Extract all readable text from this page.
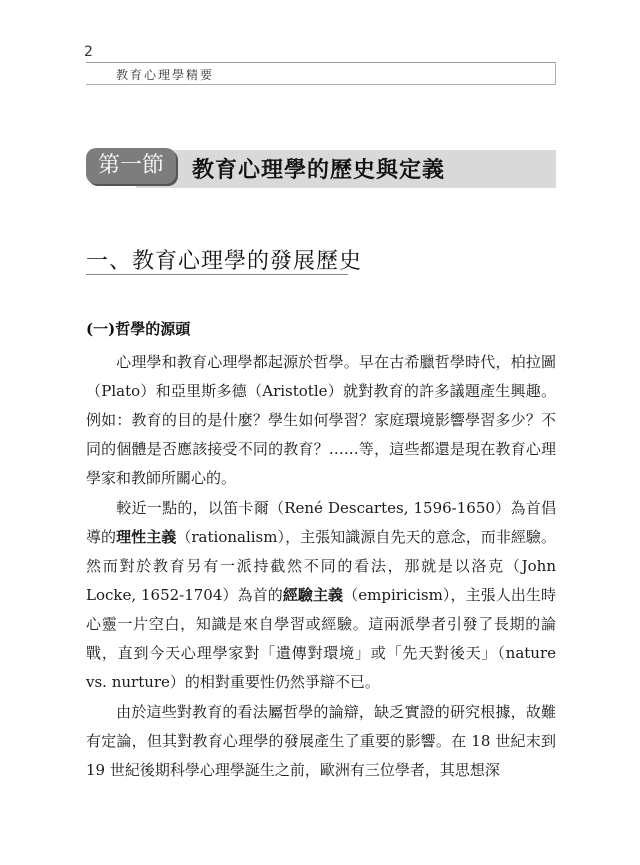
2
教育心理學精要
第一節	教育心理學的歷史與定義
一、教育心理學的發展歷史
(一)哲學的源頭
心理學和教育心理學都起源於哲學。早在古希臘哲學時代，柏拉圖（Plato）和亞里斯多德（Aristotle）就對教育的許多議題產生興趣。例如：教育的目的是什麼？學生如何學習？家庭環境影響學習多少？不同的個體是否應該接受不同的教育？……等，這些都還是現在教育心理學家和教師所關心的。
較近一點的，以笛卡爾（René Descartes, 1596-1650）為首倡導的理性主義（rationalism），主張知識源自先天的意念，而非經驗。然而對於教育另有一派持截然不同的看法，那就是以洛克（John Locke, 1652-1704）為首的經驗主義（empiricism），主張人出生時心靈一片空白，知識是來自學習或經驗。這兩派學者引發了長期的論戰，直到今天心理學家對「遺傳對環境」或「先天對後天」（nature vs. nurture）的相對重要性仍然爭辯不已。
由於這些對教育的看法屬哲學的論辯，缺乏實證的研究根據，故難有定論，但其對教育心理學的發展產生了重要的影響。在 18 世紀末到 19 世紀後期科學心理學誕生之前，歐洲有三位學者，其思想深
